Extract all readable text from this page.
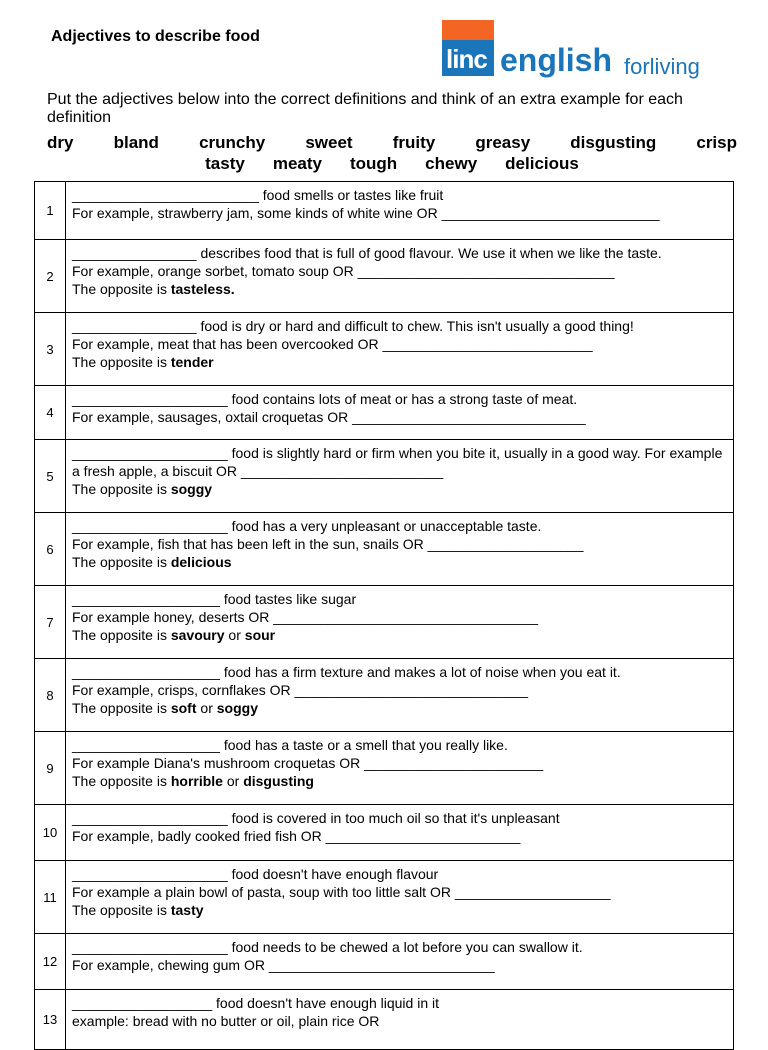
Adjectives to describe food
linc english forliving
Put the adjectives below into the correct definitions and think of an extra example for each definition
dry bland crunchy sweet fruity greasy disgusting crisp
tasty meaty tough chewy delicious
1	________________________ food smells or tastes like fruit
For example, strawberry jam, some kinds of white wine OR ____________________________

2	________________ describes food that is full of good flavour. We use it when we like the taste.
For example, orange sorbet, tomato soup OR _________________________________
The opposite is tasteless.

3	________________ food is dry or hard and difficult to chew. This isn't usually a good thing!
For example, meat that has been overcooked OR ___________________________
The opposite is tender

4	____________________ food contains lots of meat or has a strong taste of meat.
For example, sausages, oxtail croquetas OR ______________________________

5	____________________ food is slightly hard or firm when you bite it, usually in a good way. For example a fresh apple, a biscuit OR __________________________
The opposite is soggy

6	____________________ food has a very unpleasant or unacceptable taste.
For example, fish that has been left in the sun, snails OR ____________________
The opposite is delicious

7	___________________ food tastes like sugar
For example honey, deserts OR __________________________________
The opposite is savoury or sour

8	___________________ food has a firm texture and makes a lot of noise when you eat it.
For example, crisps, cornflakes OR ______________________________
The opposite is soft or soggy

9	___________________ food has a taste or a smell that you really like.
For example Diana's mushroom croquetas OR _______________________
The opposite is horrible or disgusting

10	____________________ food is covered in too much oil so that it's unpleasant
For example, badly cooked fried fish OR _________________________

11	____________________ food doesn't have enough flavour
For example a plain bowl of pasta, soup with too little salt OR ____________________
The opposite is tasty

12	____________________ food needs to be chewed a lot before you can swallow it.
For example, chewing gum OR _____________________________

13	__________________ food doesn't have enough liquid in it
example: bread with no butter or oil, plain rice OR
